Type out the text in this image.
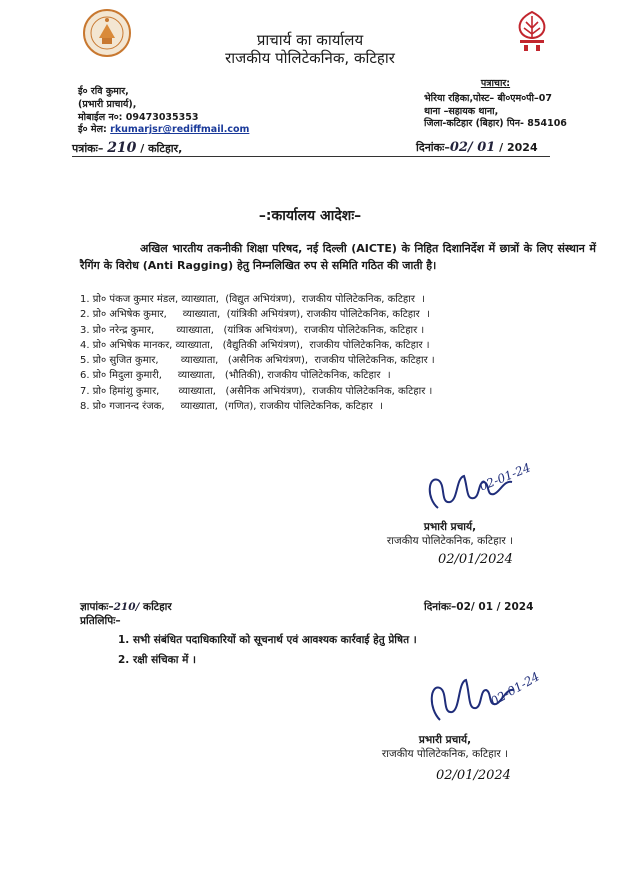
प्राचार्य का कार्यालय
राजकीय पोलिटेकनिक, कटिहार
ई० रवि कुमार,
(प्रभारी प्राचार्य),
मोबाईल न०: 09473035353
ई० मेल: rkumarjsr@rediffmail.com
पत्राचार:
भेरिया रहिका,पोस्ट– बी०एम०पी–07
थाना –सहायक थाना,
जिला-कटिहार (बिहार) पिन- 854106
पत्रांकः– 210 / कटिहार,	दिनांकः–02/ 01 / 2024
–:कार्यालय आदेशः–
अखिल भारतीय तकनीकी शिक्षा परिषद, नई दिल्ली (AICTE) के निहित दिशानिर्देश में छात्रों के लिए संस्थान में रैगिंग के विरोध (Anti Ragging) हेतु निम्नलिखित रुप से समिति गठित की जाती है।
1. प्रो० पंकज कुमार मंडल, व्याख्याता, (विद्युत अभियंत्रण), राजकीय पोलिटेकनिक, कटिहार ।
2. प्रो० अभिषेक कुमार, व्याख्याता, (यांत्रिकी अभियंत्रण), राजकीय पोलिटेकनिक, कटिहार ।
3. प्रो० नरेन्द्र कुमार, व्याख्याता, (यांत्रिक अभियंत्रण), राजकीय पोलिटेकनिक, कटिहार ।
4. प्रो० अभिषेक मानकर, व्याख्याता, (वैद्युतिकी अभियंत्रण), राजकीय पोलिटेकनिक, कटिहार ।
5. प्रो० सुजित कुमार, व्याख्याता, (असैनिक अभियंत्रण), राजकीय पोलिटेकनिक, कटिहार ।
6. प्रो० मिदुला कुमारी, व्याख्याता, (भौतिकी), राजकीय पोलिटेकनिक, कटिहार ।
7. प्रो० हिमांशु कुमार, व्याख्याता, (असैनिक अभियंत्रण), राजकीय पोलिटेकनिक, कटिहार ।
8. प्रो० गजानन्द रंजक, व्याख्याता, (गणित), राजकीय पोलिटेकनिक, कटिहार ।
02-01-24
प्रभारी प्रचार्य,
राजकीय पोलिटेकनिक, कटिहार ।
02/01/2024
ज्ञापांकः–210/ कटिहार
प्रतिलिपिः–
दिनांकः–02/ 01 / 2024
1. सभी संबंधित पदाधिकारियों को सूचनार्थ एवं आवश्यक कार्रवाई हेतु प्रेषित ।
2. रक्षी संचिका में ।
02-01-24
प्रभारी प्रचार्य,
राजकीय पोलिटेकनिक, कटिहार ।
02/01/2024
